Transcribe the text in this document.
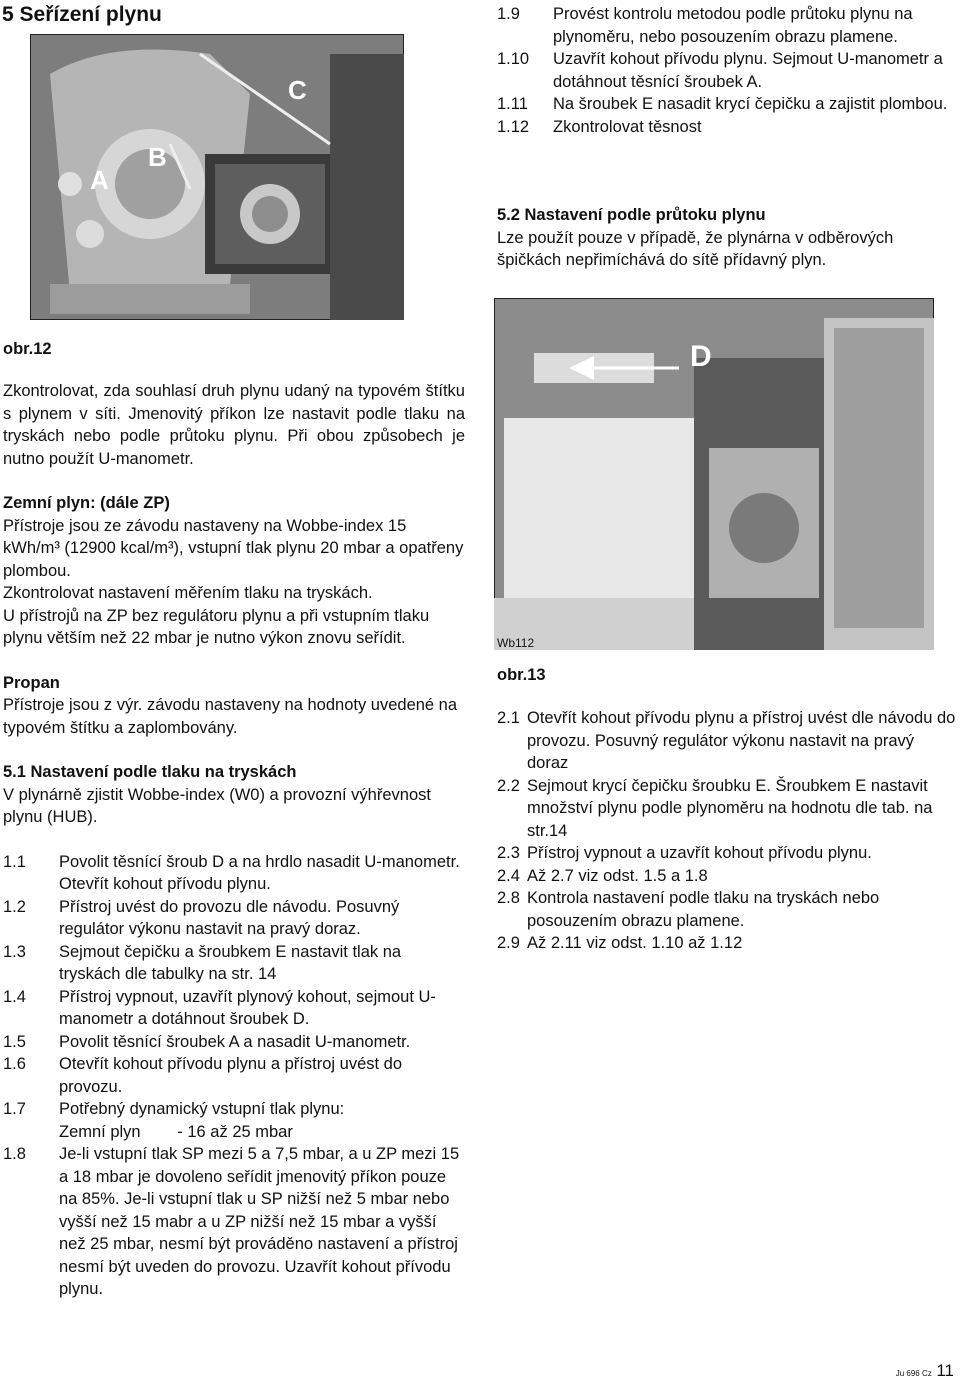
5 Seřízení plynu
A
B
C
D
Wb112
1.9 Provést kontrolu metodou podle průtoku plynu na plynoměru, nebo posouzením obrazu plamene.
1.10 Uzavřít kohout přívodu plynu. Sejmout U-manometr a dotáhnout těsnící šroubek A.
1.11 Na šroubek E nasadit krycí čepičku a zajistit plombou.
1.12 Zkontrolovat těsnost

5.2 Nastavení podle průtoku plynu

Lze použít pouze v případě, že plynárna v odběrových špičkách nepřimíchává do sítě přídavný plyn.

obr.12

Zkontrolovat, zda souhlasí druh plynu udaný na typovém štítku s plynem v síti. Jmenovitý příkon lze nastavit podle tlaku na tryskách nebo podle průtoku plynu. Při obou způsobech je nutno použít U-manometr.

Zemní plyn: (dále ZP)

Přístroje jsou ze závodu nastaveny na Wobbe-index 15 kWh/m³ (12900 kcal/m³), vstupní tlak plynu 20 mbar a opatřeny plombou.

Zkontrolovat nastavení měřením tlaku na tryskách.

U přístrojů na ZP bez regulátoru plynu a při vstupním tlaku plynu větším než 22 mbar je nutno výkon znovu seřídit.

Propan

Přístroje jsou z výr. závodu nastaveny na hodnoty uvedené na typovém štítku a zaplombovány.

5.1 Nastavení podle tlaku na tryskách

V plynárně zjistit Wobbe-index (W0) a provozní výhřevnost plynu (HUB).

1.1 Povolit těsnící šroub D a na hrdlo nasadit U-manometr. Otevřít kohout přívodu plynu.
1.2 Přístroj uvést do provozu dle návodu. Posuvný regulátor výkonu nastavit na pravý doraz.
1.3 Sejmout čepičku a šroubkem E nastavit tlak na tryskách dle tabulky na str. 14
1.4 Přístroj vypnout, uzavřít plynový kohout, sejmout U-manometr a dotáhnout šroubek D.
1.5 Povolit těsnící šroubek A a nasadit U-manometr.
1.6 Otevřít kohout přívodu plynu a přístroj uvést do provozu.
1.7 Potřebný dynamický vstupní tlak plynu:
Zemní plyn        - 16 až 25 mbar
1.8 Je-li vstupní tlak SP mezi 5 a 7,5 mbar, a u ZP mezi 15 a 18 mbar je dovoleno seřídit jmenovitý příkon pouze na 85%. Je-li vstupní tlak u SP nižší než 5 mbar nebo vyšší než 15 mabr a u ZP nižší než 15 mbar a vyšší než 25 mbar, nesmí být prováděno nastavení a přístroj nesmí být uveden do provozu. Uzavřít kohout přívodu plynu.
obr.13
2.1 Otevřít kohout přívodu plynu a přístroj uvést dle návodu do provozu. Posuvný regulátor výkonu nastavit na pravý doraz
2.2 Sejmout krycí čepičku šroubku E. Šroubkem E nastavit množství plynu podle plynoměru na hodnotu dle tab. na str.14
2.3 Přístroj vypnout a uzavřít kohout přívodu plynu.
2.4 Až 2.7 viz odst. 1.5 a 1.8
2.8 Kontrola nastavení podle tlaku na tryskách nebo posouzením obrazu plamene.
2.9 Až 2.11 viz odst. 1.10 až 1.12
Ju 696 Cz 11
